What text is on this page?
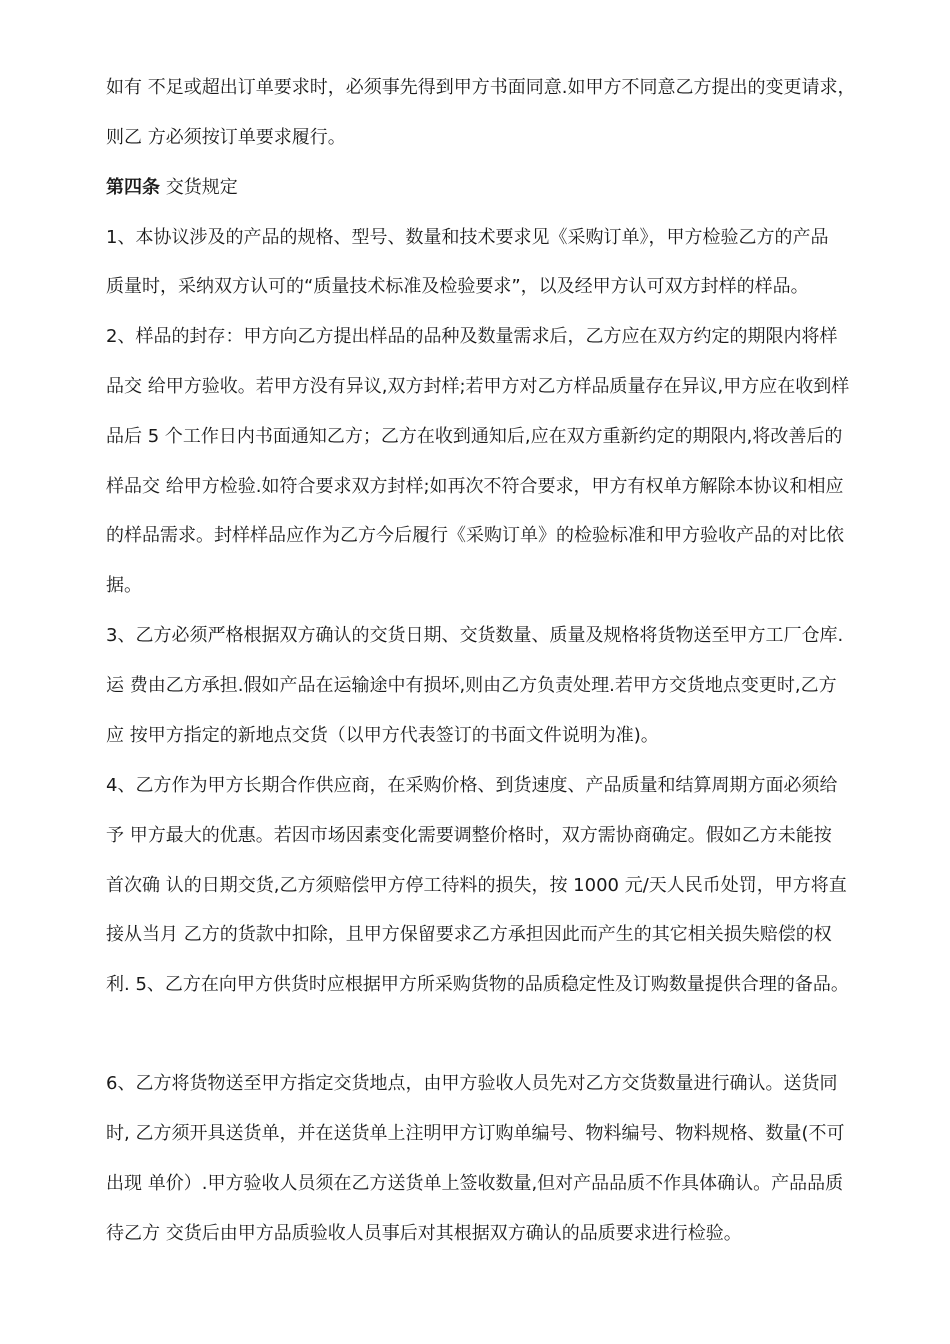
如有 不足或超出订单要求时，必须事先得到甲方书面同意.如甲方不同意乙方提出的变更请求，
则乙 方必须按订单要求履行。
第四条 交货规定
1、本协议涉及的产品的规格、型号、数量和技术要求见《采购订单》，甲方检验乙方的产品
质量时，采纳双方认可的“质量技术标准及检验要求”，以及经甲方认可双方封样的样品。
2、样品的封存：甲方向乙方提出样品的品种及数量需求后，乙方应在双方约定的期限内将样
品交 给甲方验收。若甲方没有异议,双方封样;若甲方对乙方样品质量存在异议,甲方应在收到样
品后 5 个工作日内书面通知乙方；乙方在收到通知后,应在双方重新约定的期限内,将改善后的
样品交 给甲方检验.如符合要求双方封样;如再次不符合要求，甲方有权单方解除本协议和相应
的样品需求。封样样品应作为乙方今后履行《采购订单》的检验标准和甲方验收产品的对比依
据。
3、乙方必须严格根据双方确认的交货日期、交货数量、质量及规格将货物送至甲方工厂仓库.
运 费由乙方承担.假如产品在运输途中有损坏,则由乙方负责处理.若甲方交货地点变更时,乙方
应 按甲方指定的新地点交货（以甲方代表签订的书面文件说明为准)。
4、乙方作为甲方长期合作供应商，在采购价格、到货速度、产品质量和结算周期方面必须给
予 甲方最大的优惠。若因市场因素变化需要调整价格时，双方需协商确定。假如乙方未能按
首次确 认的日期交货,乙方须赔偿甲方停工待料的损失，按 1000 元/天人民币处罚，甲方将直
接从当月 乙方的货款中扣除，且甲方保留要求乙方承担因此而产生的其它相关损失赔偿的权
利. 5、乙方在向甲方供货时应根据甲方所采购货物的品质稳定性及订购数量提供合理的备品。
6、乙方将货物送至甲方指定交货地点，由甲方验收人员先对乙方交货数量进行确认。送货同
时, 乙方须开具送货单，并在送货单上注明甲方订购单编号、物料编号、物料规格、数量(不可
出现 单价）.甲方验收人员须在乙方送货单上签收数量,但对产品品质不作具体确认。产品品质
待乙方 交货后由甲方品质验收人员事后对其根据双方确认的品质要求进行检验。
